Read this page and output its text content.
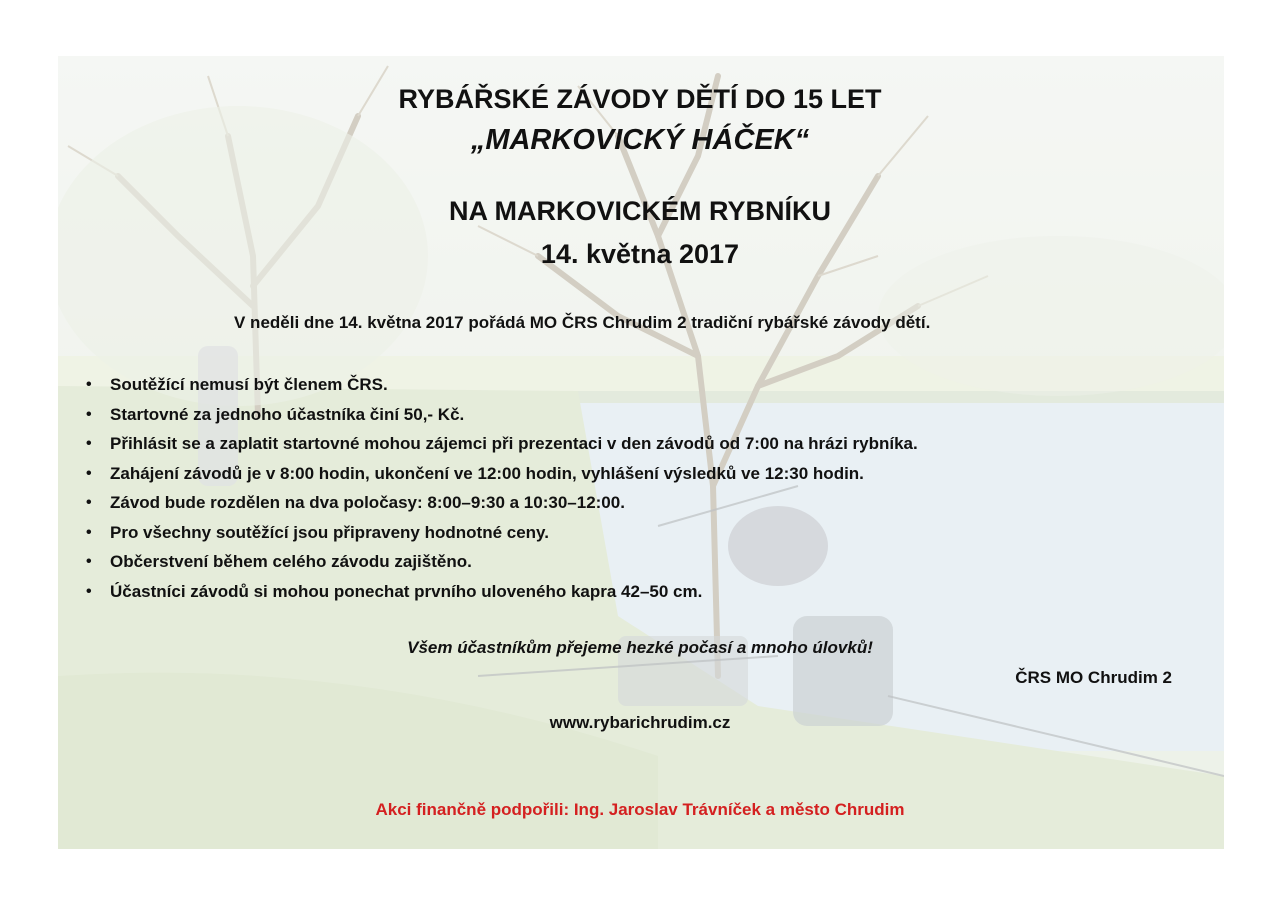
RYBÁŘSKÉ ZÁVODY DĚTÍ DO 15 LET
„MARKOVICKÝ HÁČEK“
NA MARKOVICKÉM RYBNÍKU
14. května 2017
V neděli dne 14. května 2017 pořádá MO ČRS Chrudim 2 tradiční rybářské závody dětí.
• Soutěžící nemusí být členem ČRS.
• Startovné za jednoho účastníka činí 50,- Kč.
• Přihlásit se a zaplatit startovné mohou zájemci při prezentaci v den závodů od 7:00 na hrázi rybníka.
• Zahájení závodů je v 8:00 hodin, ukončení ve 12:00 hodin, vyhlášení výsledků ve 12:30 hodin.
• Závod bude rozdělen na dva poločasy: 8:00–9:30 a 10:30–12:00.
• Pro všechny soutěžící jsou připraveny hodnotné ceny.
• Občerstvení během celého závodu zajištěno.
• Účastníci závodů si mohou ponechat prvního uloveného kapra 42–50 cm.
Všem účastníkům přejeme hezké počasí a mnoho úlovků!
ČRS MO Chrudim 2
www.rybarichrudim.cz
Akci finančně podpořili: Ing. Jaroslav Trávníček a město Chrudim
